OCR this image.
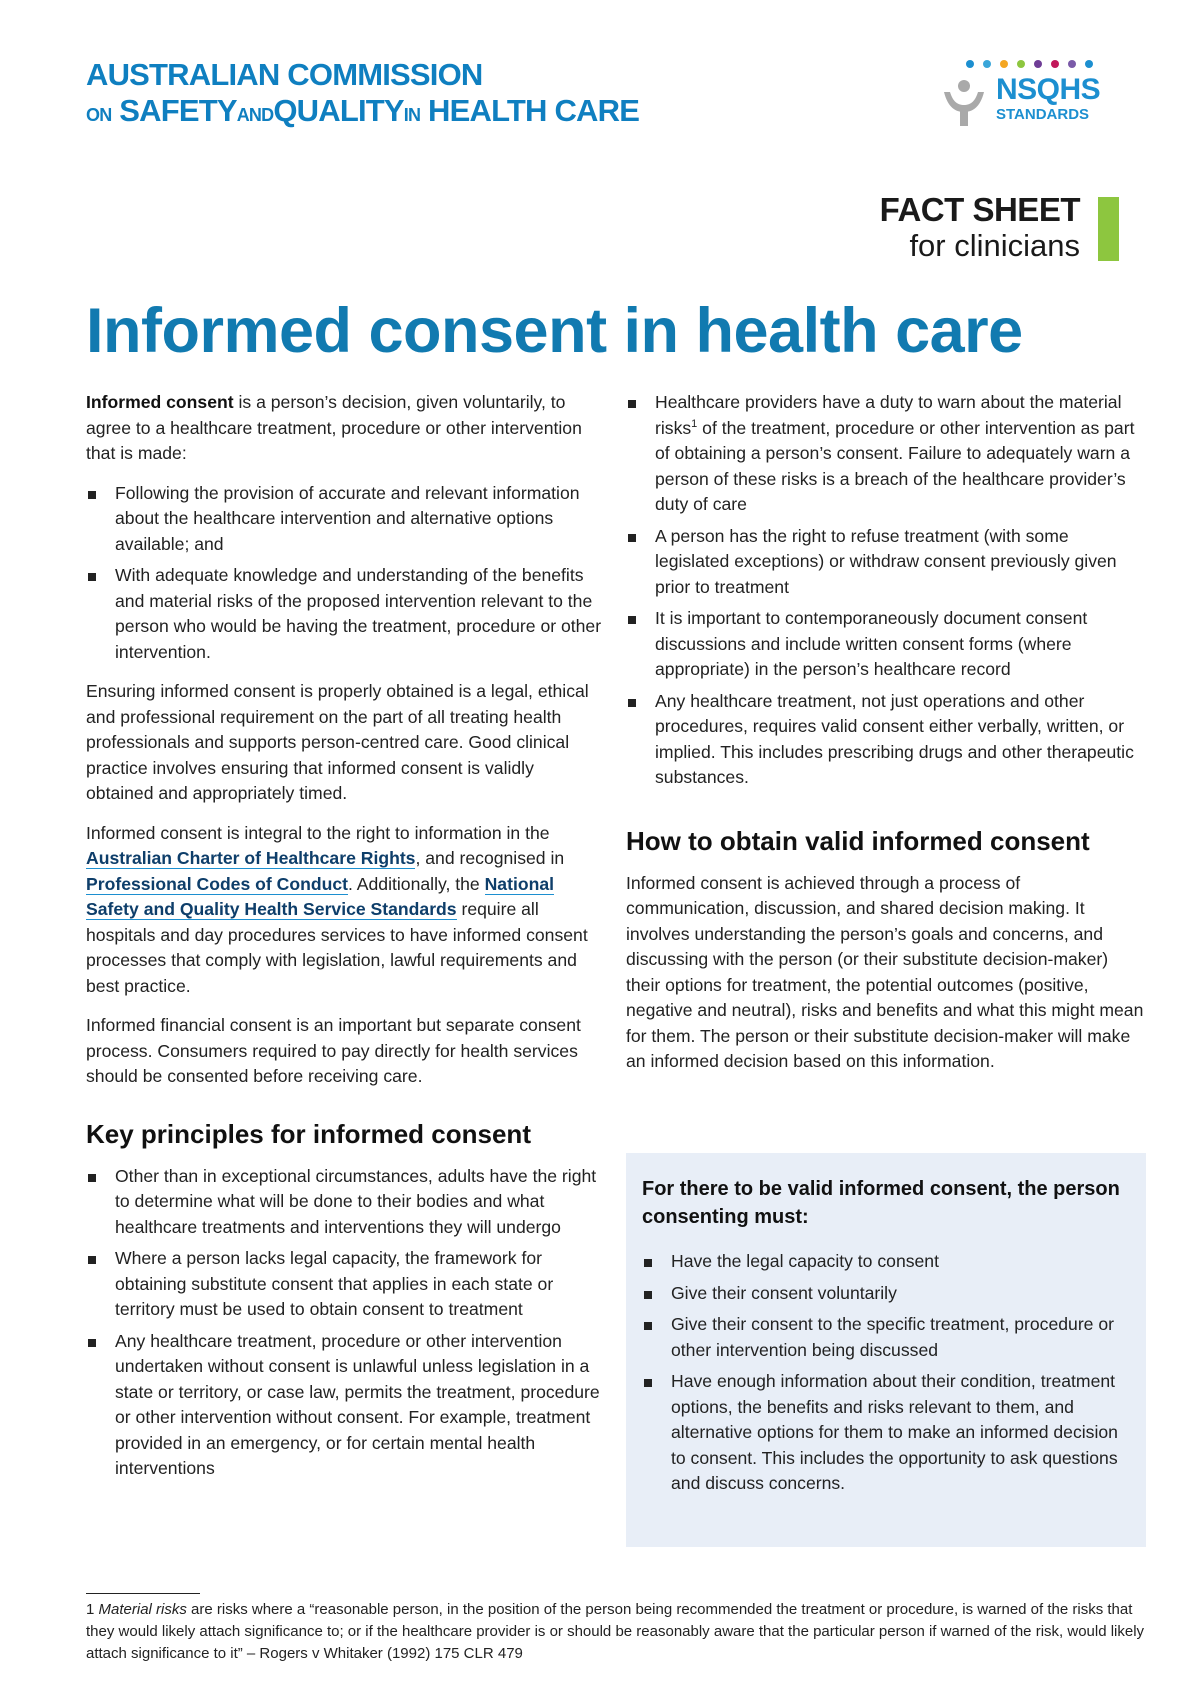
AUSTRALIAN COMMISSION
ON SAFETYANDQUALITYIN HEALTH CARE
NSQHS
STANDARDS
FACT SHEET
for clinicians
Informed consent in health care

Informed consent is a person’s decision, given voluntarily, to agree to a healthcare treatment, procedure or other intervention that is made:

Following the provision of accurate and relevant information about the healthcare intervention and alternative options available; and
With adequate knowledge and understanding of the benefits and material risks of the proposed intervention relevant to the person who would be having the treatment, procedure or other intervention.

Ensuring informed consent is properly obtained is a legal, ethical and professional requirement on the part of all treating health professionals and supports person-centred care. Good clinical practice involves ensuring that informed consent is validly obtained and appropriately timed.

Informed consent is integral to the right to information in the Australian Charter of Healthcare Rights, and recognised in Professional Codes of Conduct. Additionally, the National Safety and Quality Health Service Standards require all hospitals and day procedures services to have informed consent processes that comply with legislation, lawful requirements and best practice.

Informed financial consent is an important but separate consent process. Consumers required to pay directly for health services should be consented before receiving care.

Key principles for informed consent
Other than in exceptional circumstances, adults have the right to determine what will be done to their bodies and what healthcare treatments and interventions they will undergo
Where a person lacks legal capacity, the framework for obtaining substitute consent that applies in each state or territory must be used to obtain consent to treatment
Any healthcare treatment, procedure or other intervention undertaken without consent is unlawful unless legislation in a state or territory, or case law, permits the treatment, procedure or other intervention without consent. For example, treatment provided in an emergency, or for certain mental health interventions
Healthcare providers have a duty to warn about the material risks$^1$ of the treatment, procedure or other intervention as part of obtaining a person’s consent. Failure to adequately warn a person of these risks is a breach of the healthcare provider’s duty of care
A person has the right to refuse treatment (with some legislated exceptions) or withdraw consent previously given prior to treatment
It is important to contemporaneously document consent discussions and include written consent forms (where appropriate) in the person’s healthcare record
Any healthcare treatment, not just operations and other procedures, requires valid consent either verbally, written, or implied. This includes prescribing drugs and other therapeutic substances.
How to obtain valid informed consent

Informed consent is achieved through a process of communication, discussion, and shared decision making. It involves understanding the person’s goals and concerns, and discussing with the person (or their substitute decision-maker) their options for treatment, the potential outcomes (positive, negative and neutral), risks and benefits and what this might mean for them. The person or their substitute decision-maker will make an informed decision based on this information.

For there to be valid informed consent, the person consenting must:
Have the legal capacity to consent
Give their consent voluntarily
Give their consent to the specific treatment, procedure or other intervention being discussed
Have enough information about their condition, treatment options, the benefits and risks relevant to them, and alternative options for them to make an informed decision to consent. This includes the opportunity to ask questions and discuss concerns.
1 Material risks are risks where a “reasonable person, in the position of the person being recommended the treatment or procedure, is warned of the risks that they would likely attach significance to; or if the healthcare provider is or should be reasonably aware that the particular person if warned of the risk, would likely attach significance to it” – Rogers v Whitaker (1992) 175 CLR 479
